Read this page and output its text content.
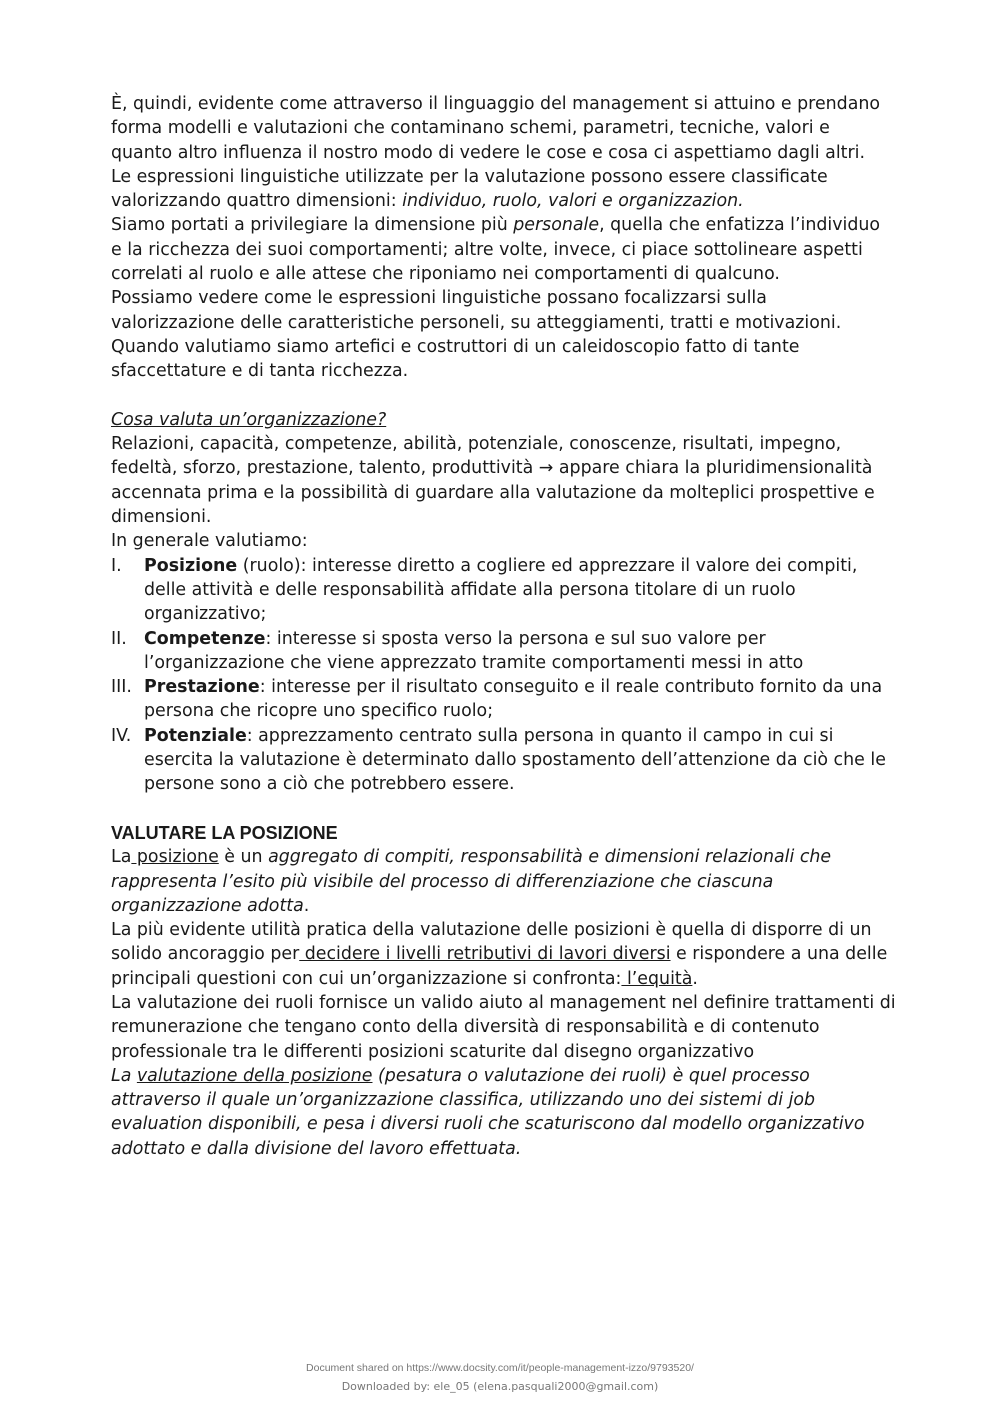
È, quindi, evidente come attraverso il linguaggio del management si attuino e prendano forma modelli e valutazioni che contaminano schemi, parametri, tecniche, valori e quanto altro influenza il nostro modo di vedere le cose e cosa ci aspettiamo dagli altri.

Le espressioni linguistiche utilizzate per la valutazione possono essere classificate valorizzando quattro dimensioni: individuo, ruolo, valori e organizzazion.

Siamo portati a privilegiare la dimensione più personale, quella che enfatizza l’individuo e la ricchezza dei suoi comportamenti; altre volte, invece, ci piace sottolineare aspetti correlati al ruolo e alle attese che riponiamo nei comportamenti di qualcuno.

Possiamo vedere come le espressioni linguistiche possano focalizzarsi sulla valorizzazione delle caratteristiche personeli, su atteggiamenti, tratti e motivazioni.

Quando valutiamo siamo artefici e costruttori di un caleidoscopio fatto di tante sfaccettature e di tanta ricchezza.

Cosa valuta un’organizzazione?

Relazioni, capacità, competenze, abilità, potenziale, conoscenze, risultati, impegno, fedeltà, sforzo, prestazione, talento, produttività → appare chiara la pluridimensionalità accennata prima e la possibilità di guardare alla valutazione da molteplici prospettive e dimensioni.

In generale valutiamo:

I. Posizione (ruolo): interesse diretto a cogliere ed apprezzare il valore dei compiti, delle attività e delle responsabilità affidate alla persona titolare di un ruolo organizzativo;
II. Competenze: interesse si sposta verso la persona e sul suo valore per l’organizzazione che viene apprezzato tramite comportamenti messi in atto
III. Prestazione: interesse per il risultato conseguito e il reale contributo fornito da una persona che ricopre uno specifico ruolo;
IV. Potenziale: apprezzamento centrato sulla persona in quanto il campo in cui si esercita la valutazione è determinato dallo spostamento dell’attenzione da ciò che le persone sono a ciò che potrebbero essere.

VALUTARE LA POSIZIONE

La posizione è un aggregato di compiti, responsabilità e dimensioni relazionali che rappresenta l’esito più visibile del processo di differenziazione che ciascuna organizzazione adotta.

La più evidente utilità pratica della valutazione delle posizioni è quella di disporre di un solido ancoraggio per decidere i livelli retributivi di lavori diversi e rispondere a una delle principali questioni con cui un’organizzazione si confronta: l’equità.

La valutazione dei ruoli fornisce un valido aiuto al management nel definire trattamenti di remunerazione che tengano conto della diversità di responsabilità e di contenuto professionale tra le differenti posizioni scaturite dal disegno organizzativo

La valutazione della posizione (pesatura o valutazione dei ruoli) è quel processo attraverso il quale un’organizzazione classifica, utilizzando uno dei sistemi di job evaluation disponibili, e pesa i diversi ruoli che scaturiscono dal modello organizzativo adottato e dalla divisione del lavoro effettuata.

Document shared on https://www.docsity.com/it/people-management-izzo/9793520/
Downloaded by: ele_05 (elena.pasquali2000@gmail.com)
